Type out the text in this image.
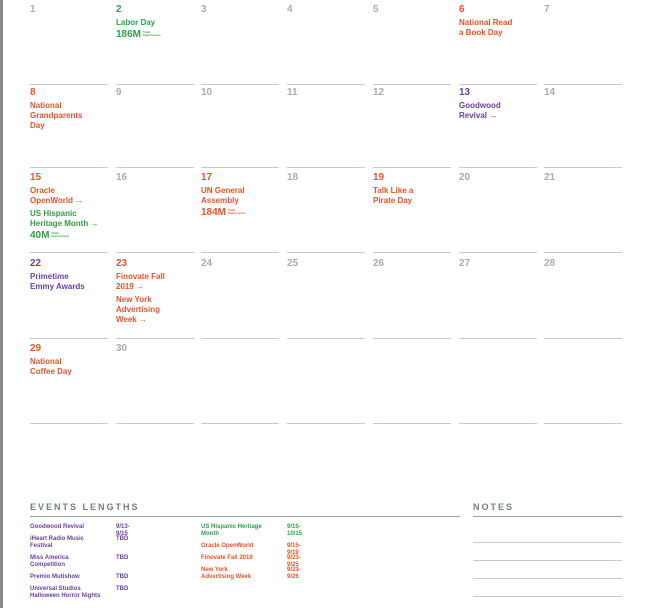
1	2
Labor Day
186M Total
Impressions
3	4	5	6
National Read
a Book Day
7
8
National
Grandparents
Day
9	10	11	12	13
Goodwood
Revival →
14
15
Oracle
OpenWorld →
US Hispanic
Heritage Month →
40M Total
Impressions
16	17
UN General
Assembly
184M Total
Impressions
18	19
Talk Like a
Pirate Day
20	21
22
Primetime
Emmy Awards
23
Finovate Fall
2019 →
New York
Advertising
Week →
24	25	26	27	28
29
National
Coffee Day
30
EVENTS LENGTHS
Goodwood Revival	9/13-9/15
iHeart Radio Music
Festival
TBD
Miss America
Competition
TBD
Premio Mutishow	TBD
Universal Studios
Halloween Horror Nights
TBD
US Hispanic Heritage
Month
9/15-10/15
Oracle OpenWorld	9/15-9/19
Finovate Fall 2019	9/23-9/25
New York
Advertising Week
9/23-9/26
NOTES
